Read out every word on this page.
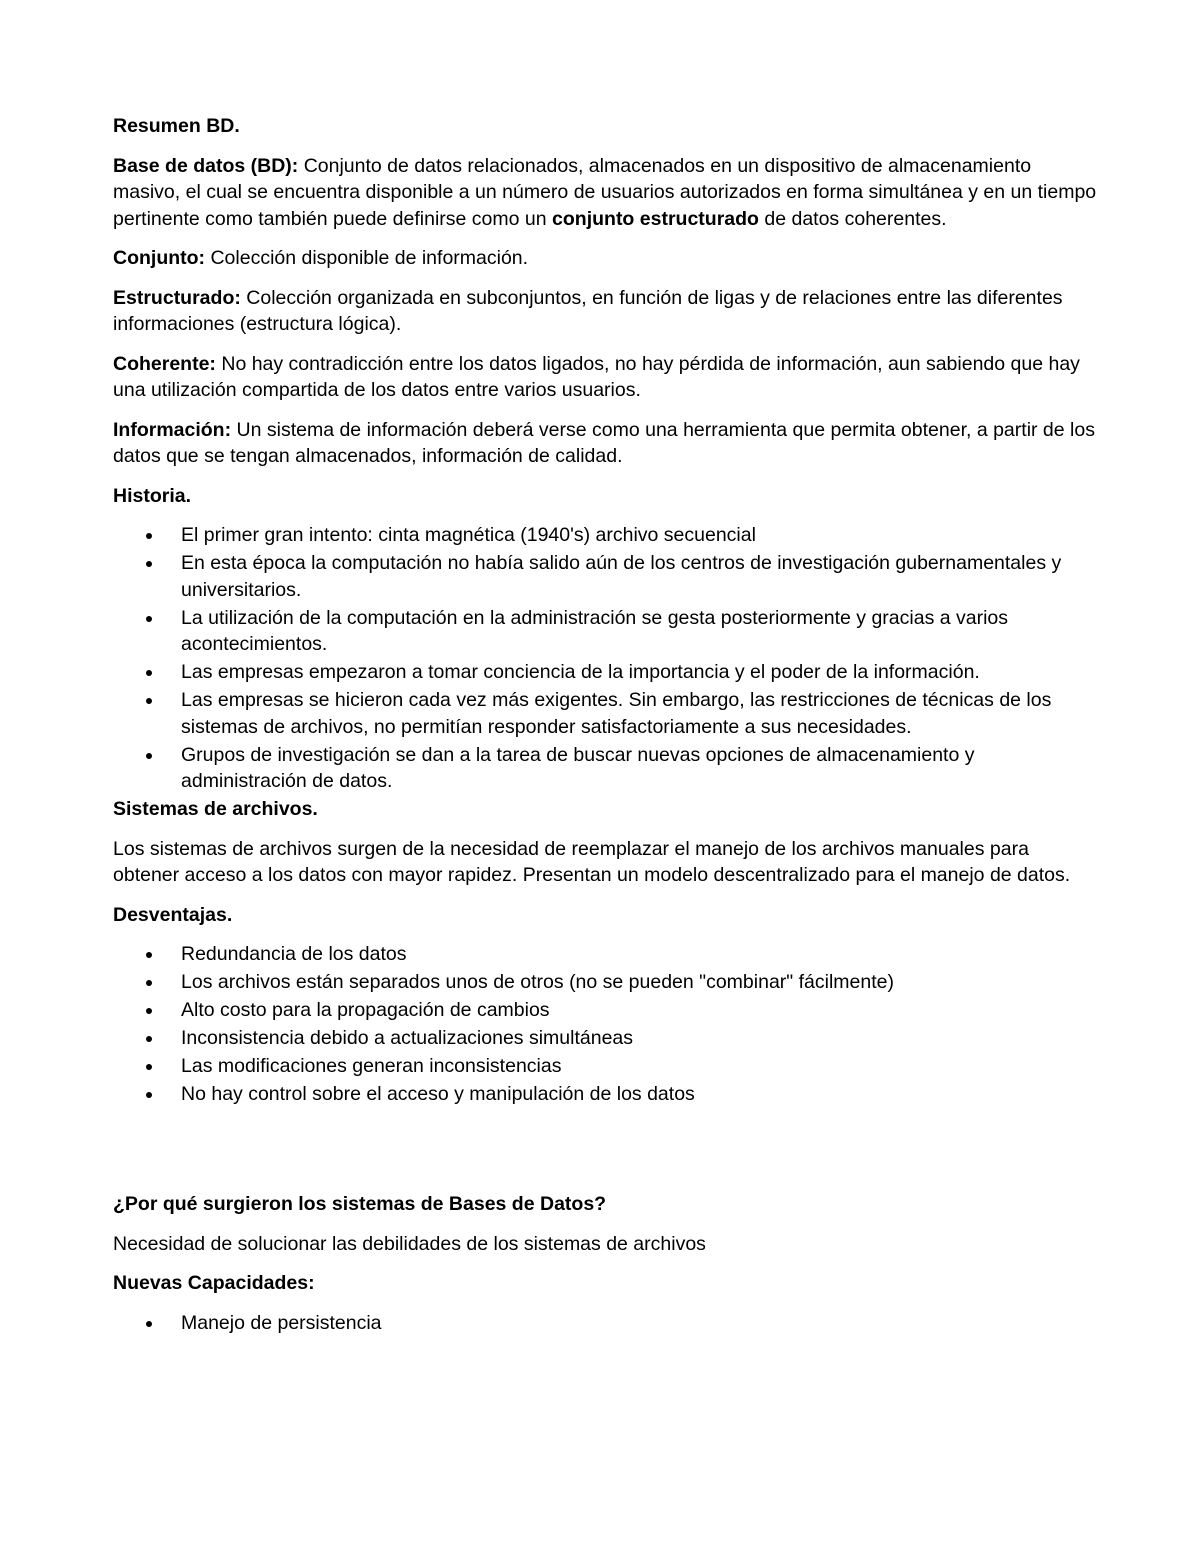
Resumen BD.

Base de datos (BD): Conjunto de datos relacionados, almacenados en un dispositivo de almacenamiento masivo, el cual se encuentra disponible a un número de usuarios autorizados en forma simultánea y en un tiempo pertinente como también puede definirse como un conjunto estructurado de datos coherentes.

Conjunto: Colección disponible de información.

Estructurado: Colección organizada en subconjuntos, en función de ligas y de relaciones entre las diferentes informaciones (estructura lógica).

Coherente: No hay contradicción entre los datos ligados, no hay pérdida de información, aun sabiendo que hay una utilización compartida de los datos entre varios usuarios.

Información: Un sistema de información deberá verse como una herramienta que permita obtener, a partir de los datos que se tengan almacenados, información de calidad.

Historia.

El primer gran intento: cinta magnética (1940's) archivo secuencial
En esta época la computación no había salido aún de los centros de investigación gubernamentales y universitarios.
La utilización de la computación en la administración se gesta posteriormente y gracias a varios acontecimientos.
Las empresas empezaron a tomar conciencia de la importancia y el poder de la información.
Las empresas se hicieron cada vez más exigentes. Sin embargo, las restricciones de técnicas de los sistemas de archivos, no permitían responder satisfactoriamente a sus necesidades.
Grupos de investigación se dan a la tarea de buscar nuevas opciones de almacenamiento y administración de datos.

Sistemas de archivos.

Los sistemas de archivos surgen de la necesidad de reemplazar el manejo de los archivos manuales para obtener acceso a los datos con mayor rapidez. Presentan un modelo descentralizado para el manejo de datos.

Desventajas.

Redundancia de los datos
Los archivos están separados unos de otros (no se pueden "combinar" fácilmente)
Alto costo para la propagación de cambios
Inconsistencia debido a actualizaciones simultáneas
Las modificaciones generan inconsistencias
No hay control sobre el acceso y manipulación de los datos

¿Por qué surgieron los sistemas de Bases de Datos?

Necesidad de solucionar las debilidades de los sistemas de archivos

Nuevas Capacidades:

Manejo de persistencia
